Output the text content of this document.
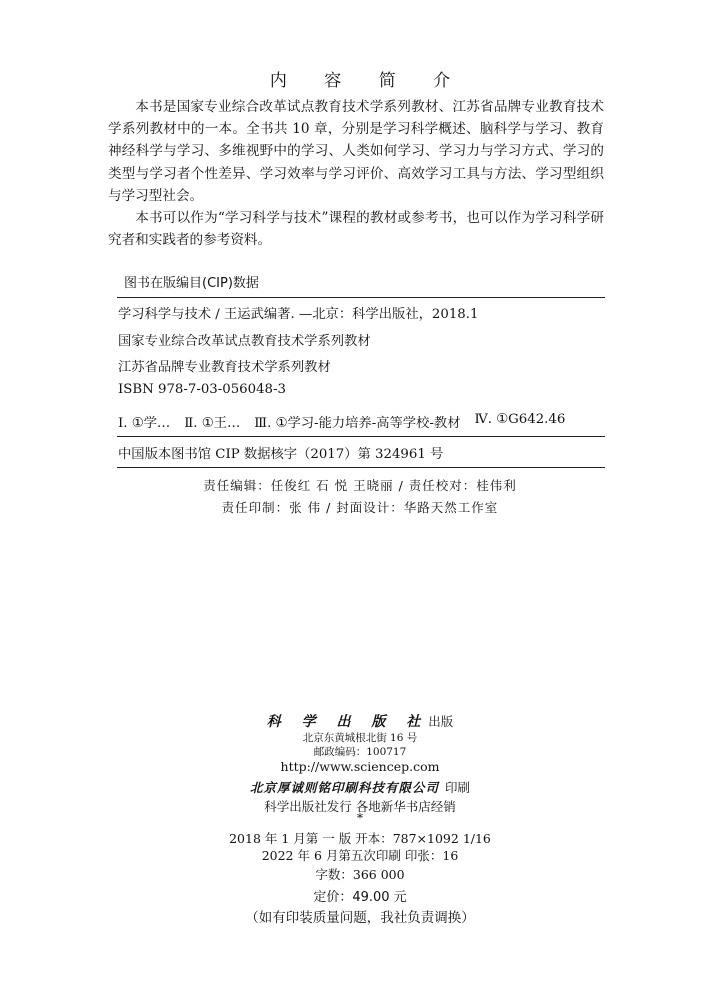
内 容 简 介

本书是国家专业综合改革试点教育技术学系列教材、江苏省品牌专业教育技术学系列教材中的一本。全书共 10 章，分别是学习科学概述、脑科学与学习、教育神经科学与学习、多维视野中的学习、人类如何学习、学习力与学习方式、学习的类型与学习者个性差异、学习效率与学习评价、高效学习工具与方法、学习型组织与学习型社会。

本书可以作为“学习科学与技术”课程的教材或参考书，也可以作为学习科学研究者和实践者的参考资料。

图书在版编目(CIP)数据
学习科学与技术 / 王运武编著. —北京：科学出版社，2018.1
国家专业综合改革试点教育技术学系列教材
江苏省品牌专业教育技术学系列教材
ISBN 978-7-03-056048-3
Ⅰ. ①学… Ⅱ. ①王… Ⅲ. ①学习-能力培养-高等学校-教材 Ⅳ. ①G642.46
中国版本图书馆 CIP 数据核字（2017）第 324961 号
责任编辑：任俊红 石 悦 王晓丽 / 责任校对：桂伟利
责任印制：张 伟 / 封面设计：华路天然工作室
科 学 出 版 社出版
北京东黄城根北街 16 号
邮政编码：100717
http://www.sciencep.com
北京厚诚则铭印刷科技有限公司 印刷
科学出版社发行 各地新华书店经销
*
2018 年 1 月第 一 版 开本：787×1092 1/16
2022 年 6 月第五次印刷 印张：16
字数：366 000
定价：49.00 元
（如有印装质量问题，我社负责调换）
